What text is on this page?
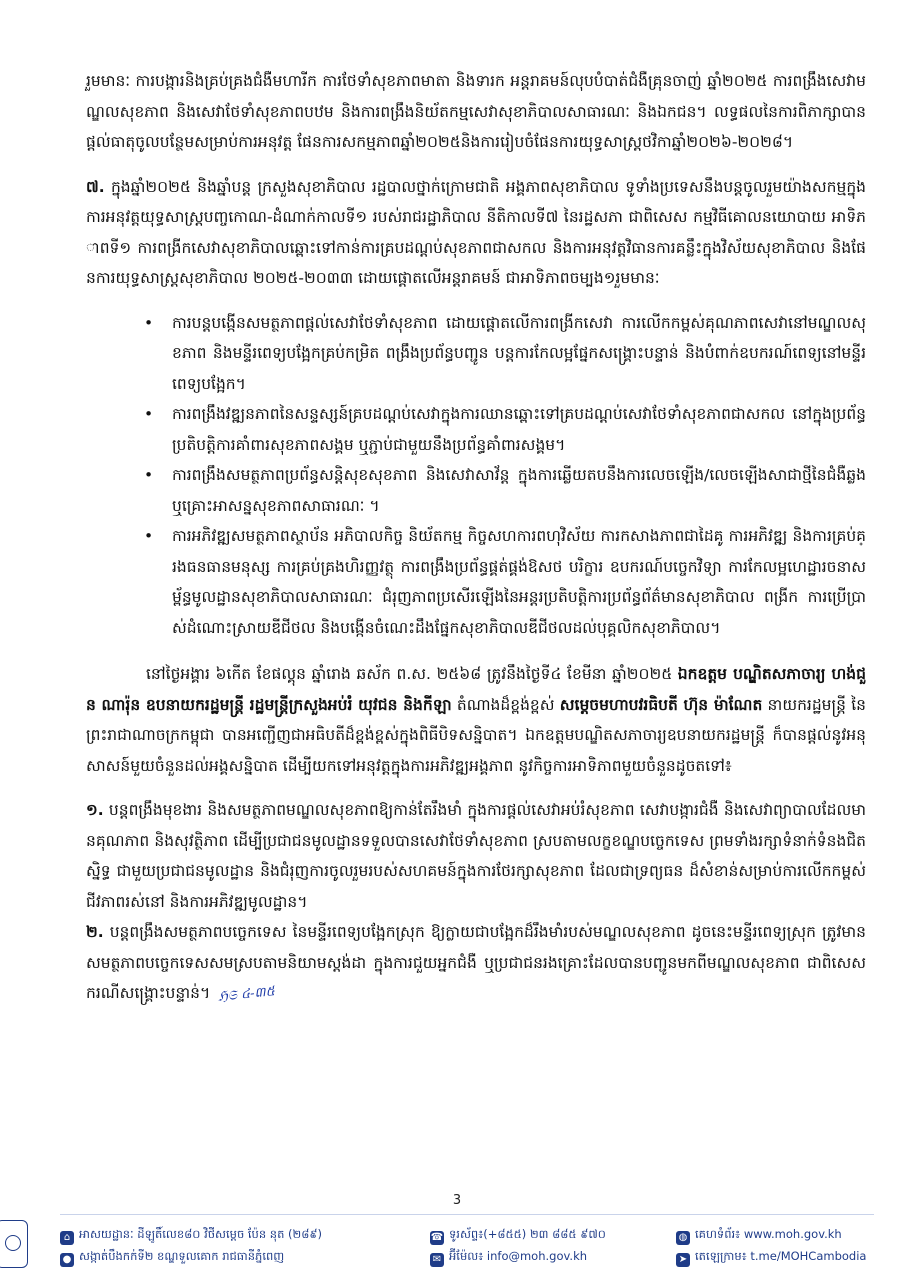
រួមមានៈ ការបង្ការនិងគ្រប់គ្រងជំងឺមហារីក ការថែទាំសុខភាពមាតា និងទារក អន្តរាគមន៍លុបបំបាត់ជំងឺគ្រុនចាញ់ ឆ្នាំ២០២៥ ការពង្រឹងសេវាមណ្ឌលសុខភាព និងសេវាថែទាំសុខភាពបឋម និងការពង្រឹងនិយ័តកម្មសេវាសុខាភិបាលសាធារណៈ និងឯកជន។ លទ្ធផលនៃការពិភាក្សាបានផ្ដល់ធាតុចូលបន្ថែមសម្រាប់ការអនុវត្ត ផែនការសកម្មភាពឆ្នាំ២០២៥និងការរៀបចំផែនការយុទ្ធសាស្ត្រថវិកាឆ្នាំ២០២៦-២០២៨។

៧. ក្នុងឆ្នាំ២០២៥ និងឆ្នាំបន្ត ក្រសួងសុខាភិបាល រដ្ឋបាលថ្នាក់ក្រោមជាតិ អង្គភាពសុខាភិបាល ទូទាំងប្រទេសនឹងបន្តចូលរួមយ៉ាងសកម្មក្នុងការអនុវត្តយុទ្ធសាស្ត្របញ្ចកោណ-ដំណាក់កាលទី១ របស់រាជរដ្ឋាភិបាល នីតិកាលទី៧ នៃរដ្ឋសភា ជាពិសេស កម្មវិធីគោលនយោបាយ អាទិភាពទី១ ការពង្រីកសេវាសុខាភិបាលឆ្ពោះទៅកាន់ការគ្របដណ្ដប់សុខភាពជាសកល និងការអនុវត្តវិធានការគន្លឹះក្នុងវិស័យសុខាភិបាល និងផែនការយុទ្ធសាស្ត្រសុខាភិបាល ២០២៥-២០៣៣ ដោយផ្ដោតលើអន្តរាគមន៍ ជាអាទិភាពចម្បង១រួមមានៈ

• ការបន្តបង្កើនសមត្ថភាពផ្ដល់សេវាថែទាំសុខភាព ដោយផ្ដោតលើការពង្រីកសេវា ការលើកកម្ពស់គុណភាពសេវានៅមណ្ឌលសុខភាព និងមន្ទីរពេទ្យបង្អែកគ្រប់កម្រិត ពង្រឹងប្រព័ន្ធបញ្ជូន បន្តការកែលម្អផ្នែកសង្គ្រោះបន្ទាន់ និងបំពាក់ឧបករណ៍ពេទ្យនៅមន្ទីរពេទ្យបង្អែក។
• ការពង្រឹងវឌ្ឍនភាពនៃសន្ទស្សន៍គ្របដណ្ដប់សេវាក្នុងការឈានឆ្ពោះទៅគ្របដណ្ដប់សេវាថែទាំសុខភាពជាសកល នៅក្នុងប្រព័ន្ធប្រតិបត្តិការគាំពារសុខភាពសង្គម ឬភ្ជាប់ជាមួយនឹងប្រព័ន្ធគាំពារសង្គម។
• ការពង្រឹងសមត្ថភាពប្រព័ន្ធសន្តិសុខសុខភាព និងសេវាសាវ័ន្ត ក្នុងការឆ្លើយតបនឹងការលេចឡើង/លេចឡើងសាជាថ្មីនៃជំងឺឆ្លង ឬគ្រោះអាសន្នសុខភាពសាធារណៈ ។
• ការអភិវឌ្ឍសមត្ថភាពស្ថាប័ន អភិបាលកិច្ច និយ័តកម្ម កិច្ចសហការពហុវិស័យ ការកសាងភាពជាដៃគូ ការអភិវឌ្ឍ និងការគ្រប់គ្រងធនធានមនុស្ស ការគ្រប់គ្រងហិរញ្ញវត្ថុ ការពង្រឹងប្រព័ន្ធផ្គត់ផ្គង់ឱសថ បរិក្ខារ ឧបករណ៍បច្ចេកវិទ្យា ការកែលម្អហេដ្ឋារចនាសម្ព័ន្ធមូលដ្ឋានសុខាភិបាលសាធារណៈ ជំរុញភាពប្រសើរឡើងនៃអន្តរប្រតិបត្តិការប្រព័ន្ធព័ត៌មានសុខាភិបាល ពង្រីក ការប្រើប្រាស់ដំណោះស្រាយឌីជីថល និងបង្កើនចំណេះដឹងផ្នែកសុខាភិបាលឌីជីថលដល់បុគ្គលិកសុខាភិបាល។

នៅថ្ងៃអង្គារ ៦កើត ខែផល្គុន ឆ្នាំរោង ឆស័ក ព.ស. ២៥៦៨ ត្រូវនឹងថ្ងៃទី៤ ខែមីនា ឆ្នាំ២០២៥ ឯកឧត្តម បណ្ឌិតសភាចារ្យ ហង់ជួន ណារ៉ុន ឧបនាយករដ្ឋមន្ត្រី រដ្ឋមន្ត្រីក្រសួងអប់រំ យុវជន និងកីឡា តំណាងដ៏ខ្ពង់ខ្ពស់ សម្ដេចមហាបវរធិបតី ហ៊ុន ម៉ាណែត នាយករដ្ឋមន្ត្រី នៃព្រះរាជាណាចក្រកម្ពុជា បានអញ្ជើញជាអធិបតីដ៏ខ្ពង់ខ្ពស់ក្នុងពិធីបិទសន្និបាត។ ឯកឧត្តមបណ្ឌិតសភាចារ្យឧបនាយករដ្ឋមន្ត្រី ក៏បានផ្ដល់នូវអនុសាសន៍មួយចំនួនដល់អង្គសន្និបាត ដើម្បីយកទៅអនុវត្តក្នុងការអភិវឌ្ឍអង្គភាព នូវកិច្ចការអាទិភាពមួយចំនួនដូចតទៅ៖

១. បន្តពង្រឹងមុខងារ និងសមត្ថភាពមណ្ឌលសុខភាពឱ្យកាន់តែរឹងមាំ ក្នុងការផ្ដល់សេវាអប់រំសុខភាព សេវាបង្ការជំងឺ និងសេវាព្យាបាលដែលមានគុណភាព និងសុវត្ថិភាព ដើម្បីប្រជាជនមូលដ្ឋានទទួលបានសេវាថែទាំសុខភាព ស្របតាមលក្ខខណ្ឌបច្ចេកទេស ព្រមទាំងរក្សាទំនាក់ទំនងជិតស្និទ្ធ ជាមួយប្រជាជនមូលដ្ឋាន និងជំរុញការចូលរួមរបស់សហគមន៍ក្នុងការថែរក្សាសុខភាព ដែលជាទ្រព្យធន ដ៏សំខាន់សម្រាប់ការលើកកម្ពស់ជីវភាពរស់នៅ និងការអភិវឌ្ឍមូលដ្ឋាន។

២. បន្តពង្រឹងសមត្ថភាពបច្ចេកទេស នៃមន្ទីរពេទ្យបង្អែកស្រុក ឱ្យក្លាយជាបង្អែកដ៏រឹងមាំរបស់មណ្ឌលសុខភាព ដូចនេះមន្ទីរពេទ្យស្រុក ត្រូវមានសមត្ថភាពបច្ចេកទេសសមស្របតាមនិយាមស្ដង់ដា ក្នុងការជួយអ្នកជំងឺ ឬប្រជាជនរងគ្រោះដែលបានបញ្ជូនមកពីមណ្ឌលសុខភាព ជាពិសេសករណីសង្គ្រោះបន្ទាន់។ ℌ𝔖 ៤-៣៥

3
⌂ អាសយដ្ឋានៈ ដីឡូតិ៍លេខ៨០ វិថីសម្ដេច ប៉ែន នុត (២៨៩)
● សង្កាត់បឹងកក់ទី២ ខណ្ឌទួលគោក រាជធានីភ្នំពេញ
☎ ទូរស័ព្ទ៖(+៨៥៥) ២៣ ៨៨៥ ៩៧០
✉ អ៊ីម៉ែល៖ info@moh.gov.kh
◍ គេហទំព័រ៖ www.moh.gov.kh
➤ តេឡេក្រាម៖ t.me/MOHCambodia
